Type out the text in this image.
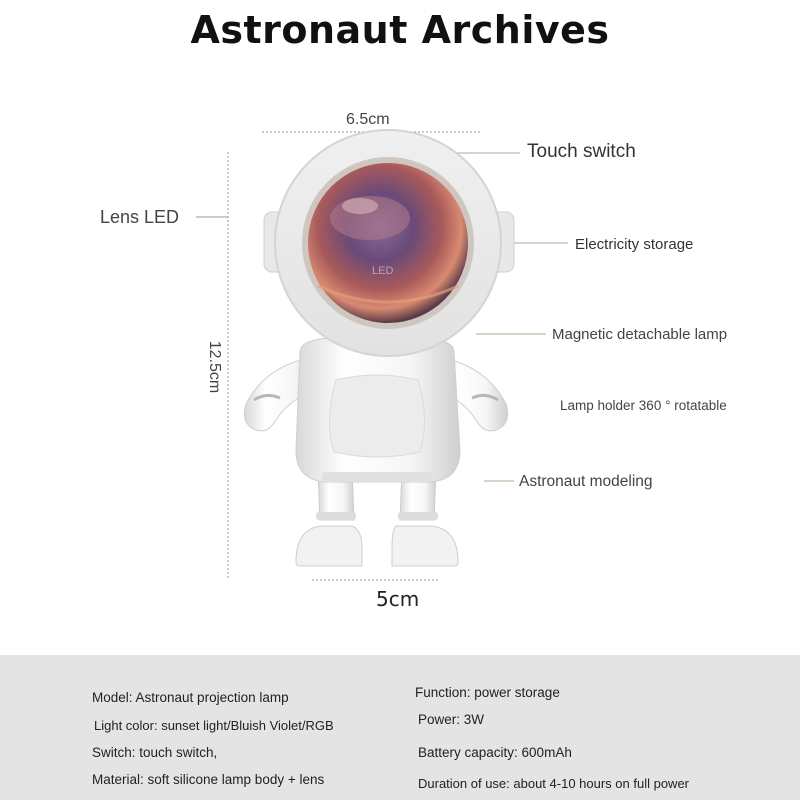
Astronaut Archives
LED
6.5cm
12.5cm
5cm
Touch switch
Lens LED
Electricity storage
Magnetic detachable lamp
Lamp holder 360 ° rotatable
Astronaut modeling
Model: Astronaut projection lamp
Light color: sunset light/Bluish Violet/RGB
Switch: touch switch,
Material: soft silicone lamp body + lens
Function: power storage
Power: 3W
Battery capacity: 600mAh
Duration of use: about 4-10 hours on full power
